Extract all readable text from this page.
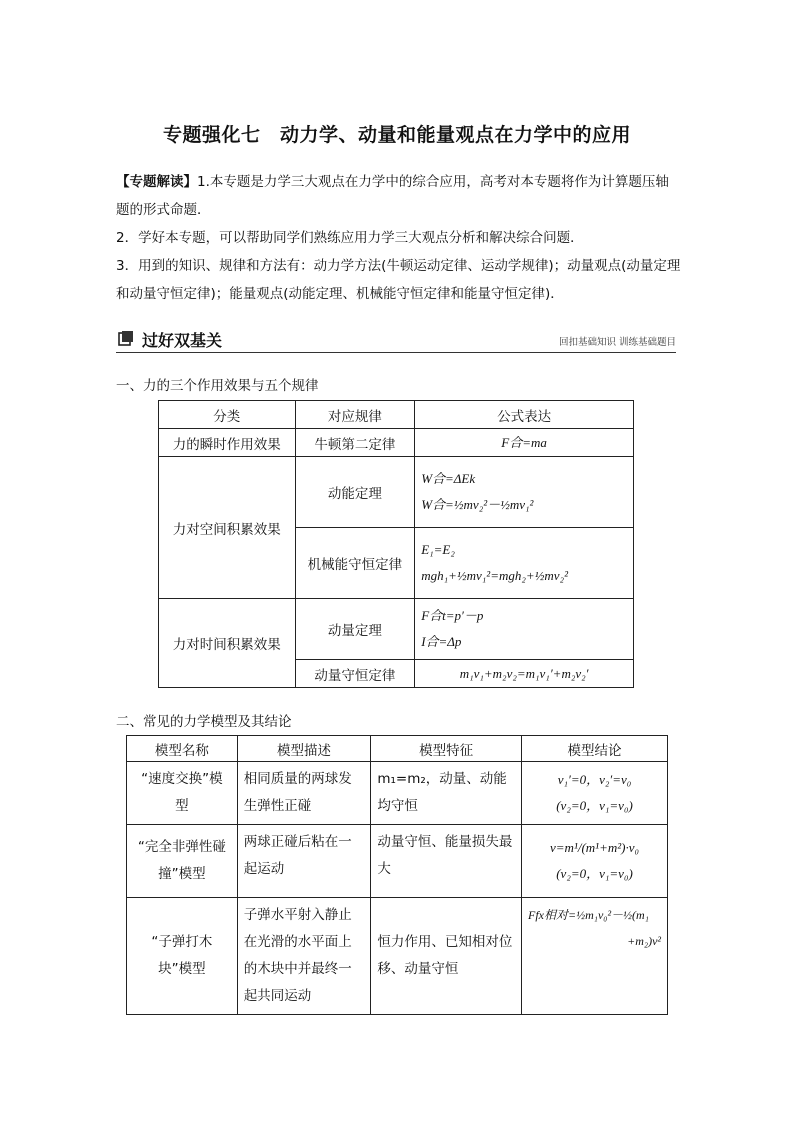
专题强化七　动力学、动量和能量观点在力学中的应用
【专题解读】1.本专题是力学三大观点在力学中的综合应用，高考对本专题将作为计算题压轴题的形式命题．
2．学好本专题，可以帮助同学们熟练应用力学三大观点分析和解决综合问题．
3．用到的知识、规律和方法有：动力学方法(牛顿运动定律、运动学规律)；动量观点(动量定理和动量守恒定律)；能量观点(动能定理、机械能守恒定律和能量守恒定律)．
过好双基关	回扣基础知识 训练基础题目
一、力的三个作用效果与五个规律
分类	对应规律	公式表达
力的瞬时作用效果	牛顿第二定律	F合=ma
力对空间积累效果	动能定理	W合=ΔEk
W合=½mv₂²－½mv₁²

	机械能守恒定律	E₁=E₂
mgh₁+½mv₁²=mgh₂+½mv₂²

力对时间积累效果	动量定理	F合t=p′－p
I合=Δp

	动量守恒定律	m₁v₁+m₂v₂=m₁v₁′+m₂v₂′
二、常见的力学模型及其结论
模型名称	模型描述	模型特征	模型结论
“速度交换”模型	相同质量的两球发生弹性正碰	m₁=m₂，动量、动能均守恒	v₁′=0，v₂′=v₀
(v₂=0，v₁=v₀)

“完全非弹性碰撞”模型	两球正碰后粘在一起运动	动量守恒、能量损失最大	v=m¹/(m¹+m²)·v₀
(v₂=0，v₁=v₀)

“子弹打木块”模型	子弹水平射入静止在光滑的水平面上的木块中并最终一起共同运动	恒力作用、已知相对位移、动量守恒	Ffx相对=½m₁v₀²－½(m₁
+m₂)v²
